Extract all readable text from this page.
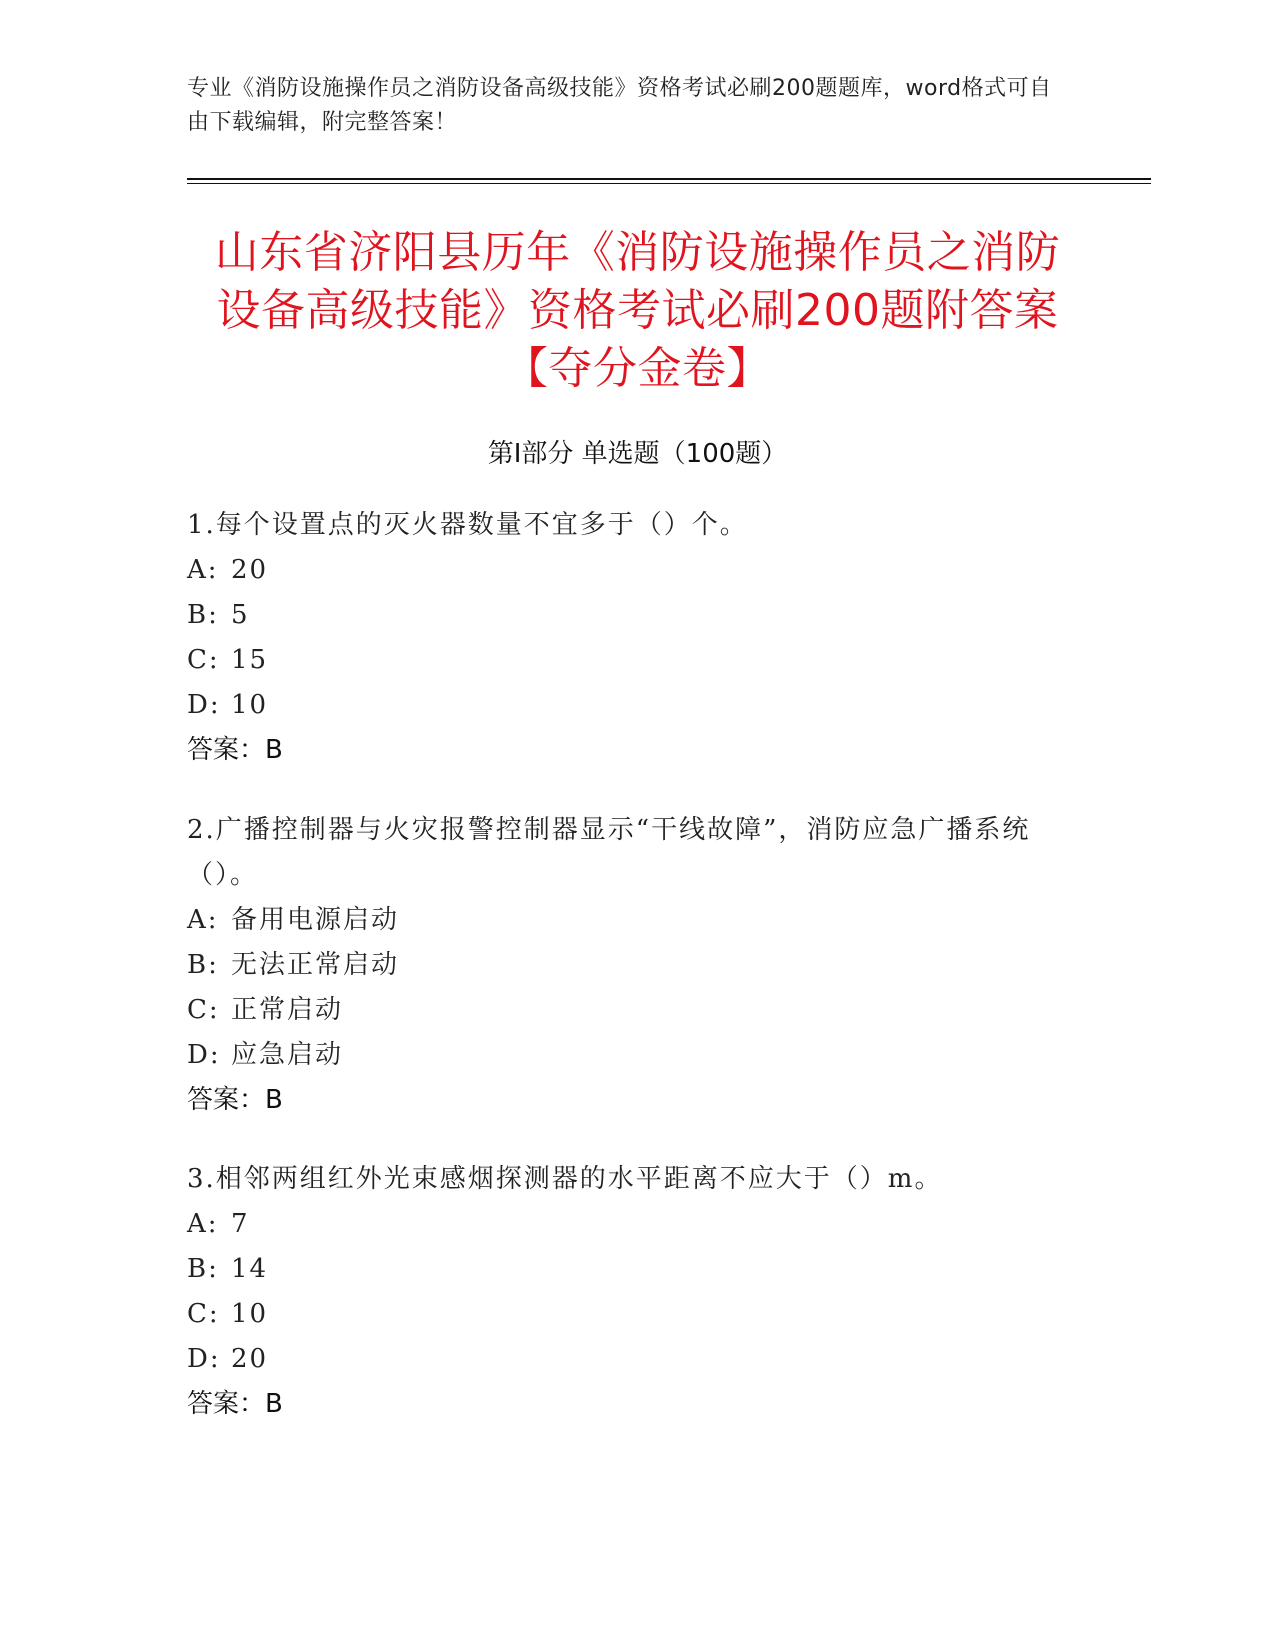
专业《消防设施操作员之消防设备高级技能》资格考试必刷200题题库，word格式可自由下载编辑，附完整答案！
山东省济阳县历年《消防设施操作员之消防
设备高级技能》资格考试必刷200题附答案
【夺分金卷】
第Ⅰ部分 单选题（100题）
1.每个设置点的灭火器数量不宜多于（）个。
A: 20
B: 5
C: 15
D: 10
答案：B
2.广播控制器与火灾报警控制器显示“干线故障”，消防应急广播系统（）。
A: 备用电源启动
B: 无法正常启动
C: 正常启动
D: 应急启动
答案：B
3.相邻两组红外光束感烟探测器的水平距离不应大于（）m。
A: 7
B: 14
C: 10
D: 20
答案：B
